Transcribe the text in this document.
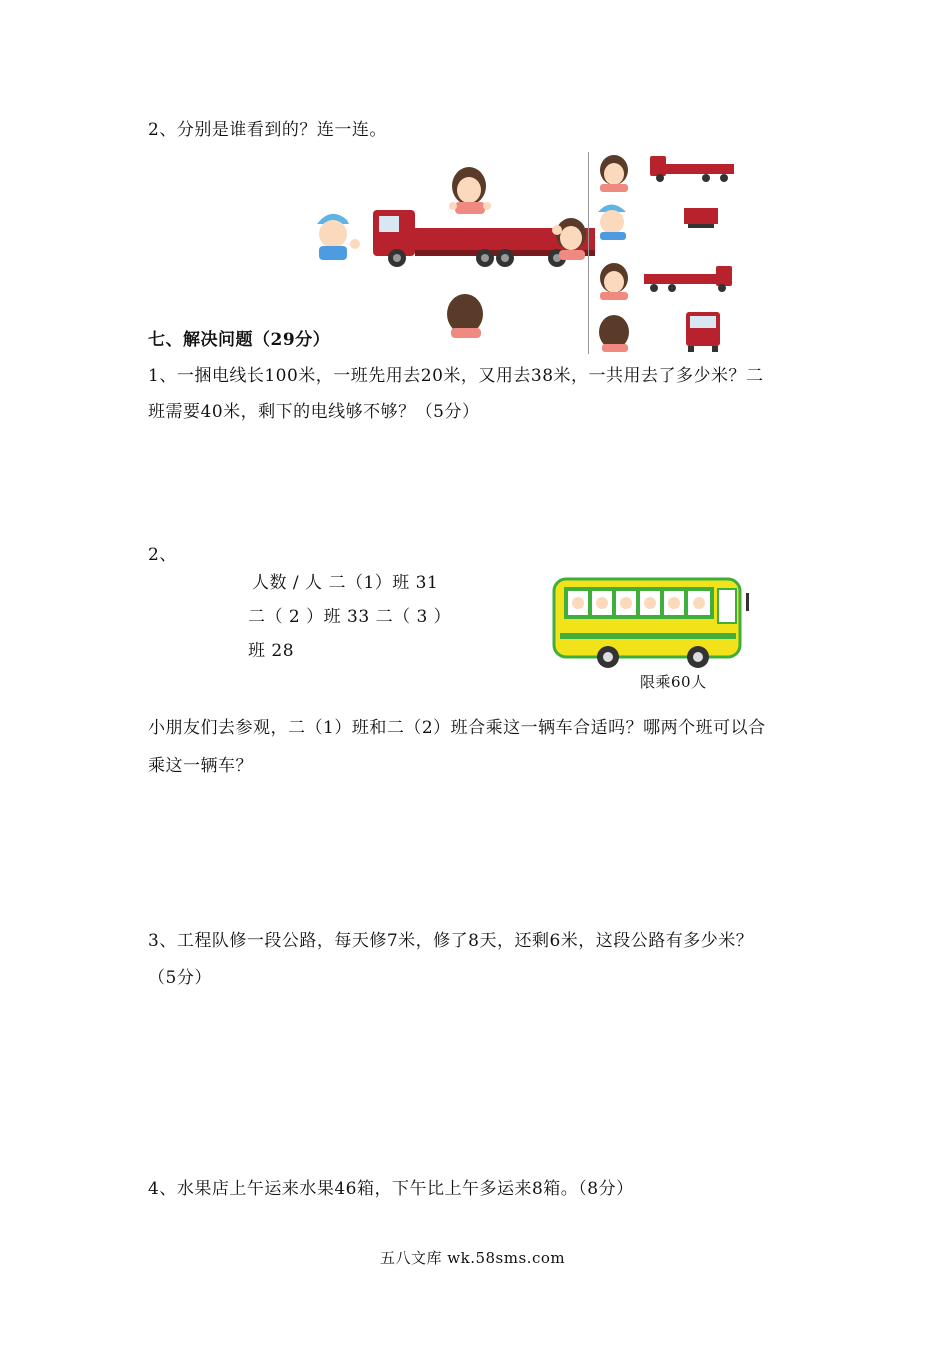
2、分别是谁看到的？连一连。
七、解决问题（29分）
1、一捆电线长100米，一班先用去20米，又用去38米，一共用去了多少米？二
班需要40米，剩下的电线够不够？（5分）
2、
人数 / 人 二（1）班 31
二（ 2 ）班 33 二（ 3 ）
班 28
限乘60人
小朋友们去参观，二（1）班和二（2）班合乘这一辆车合适吗？哪两个班可以合
乘这一辆车？
3、工程队修一段公路，每天修7米，修了8天，还剩6米，这段公路有多少米？
（5分）
4、水果店上午运来水果46箱，下午比上午多运来8箱。（8分）
五八文库 wk.58sms.com
